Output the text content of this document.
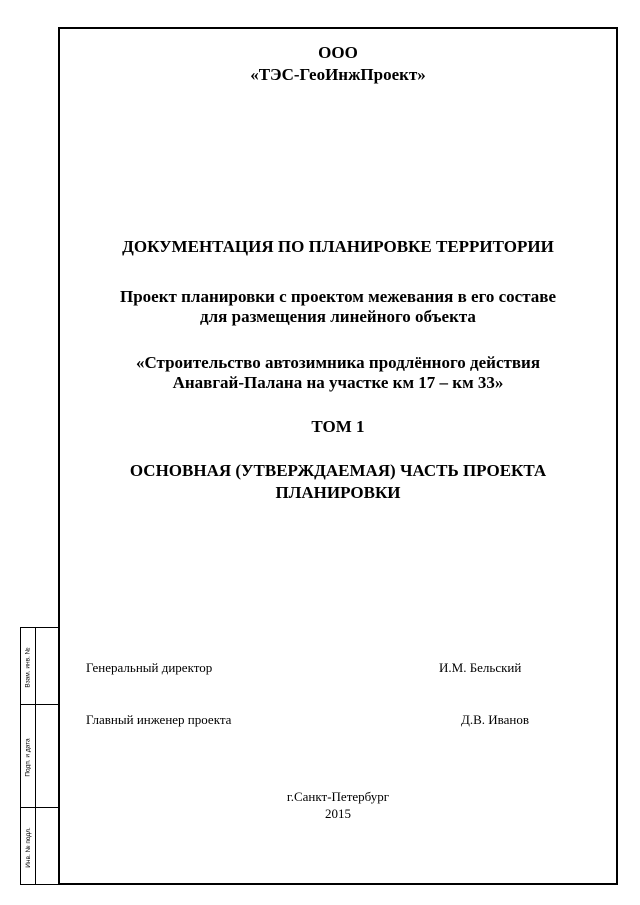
Взам. инв. №
Подп. и дата
Инв. № подл.
ООО
«ТЭС-ГеоИнжПроект»
ДОКУМЕНТАЦИЯ ПО ПЛАНИРОВКЕ ТЕРРИТОРИИ
Проект планировки с проектом межевания в его составе
для размещения линейного объекта
«Строительство автозимника продлённого действия
Анавгай-Палана на участке км 17 – км 33»
ТОМ 1
ОСНОВНАЯ (УТВЕРЖДАЕМАЯ) ЧАСТЬ ПРОЕКТА
ПЛАНИРОВКИ
Генеральный директор	И.М. Бельский
Главный инженер проекта	Д.В. Иванов
г.Санкт-Петербург
2015
